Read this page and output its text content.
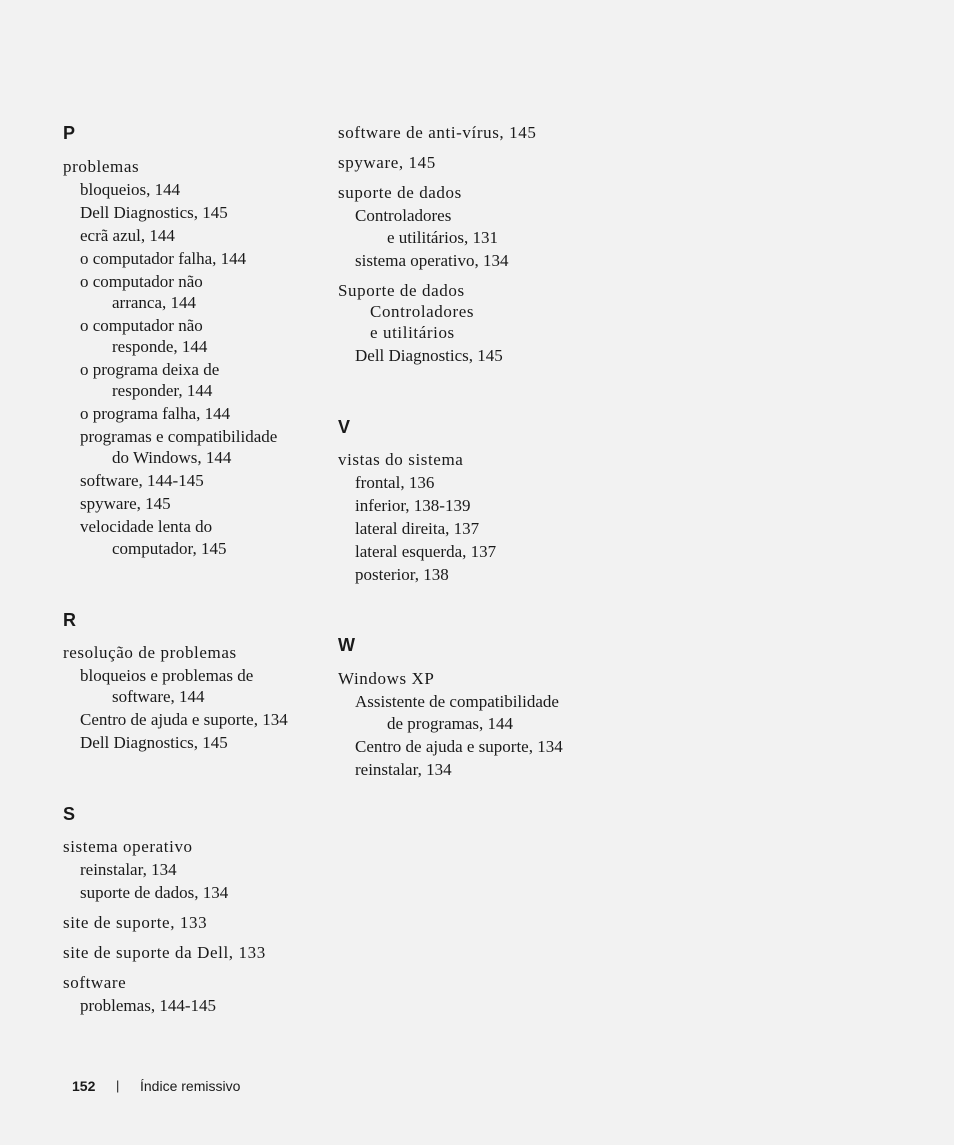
P
problemas
bloqueios, 144
Dell Diagnostics, 145
ecrã azul, 144
o computador falha, 144
o computador não
arranca, 144
o computador não
responde, 144
o programa deixa de
responder, 144
o programa falha, 144
programas e compatibilidade
do Windows, 144
software, 144-145
spyware, 145
velocidade lenta do
computador, 145
R
resolução de problemas
bloqueios e problemas de
software, 144
Centro de ajuda e suporte, 134
Dell Diagnostics, 145
S
sistema operativo
reinstalar, 134
suporte de dados, 134
site de suporte, 133
site de suporte da Dell, 133
software
problemas, 144-145
software de anti-vírus, 145
spyware, 145
suporte de dados
Controladores
e utilitários, 131
sistema operativo, 134
Suporte de dados
Controladores
e utilitários
Dell Diagnostics, 145
V
vistas do sistema
frontal, 136
inferior, 138-139
lateral direita, 137
lateral esquerda, 137
posterior, 138
W
Windows XP
Assistente de compatibilidade
de programas, 144
Centro de ajuda e suporte, 134
reinstalar, 134
152 | Índice remissivo
